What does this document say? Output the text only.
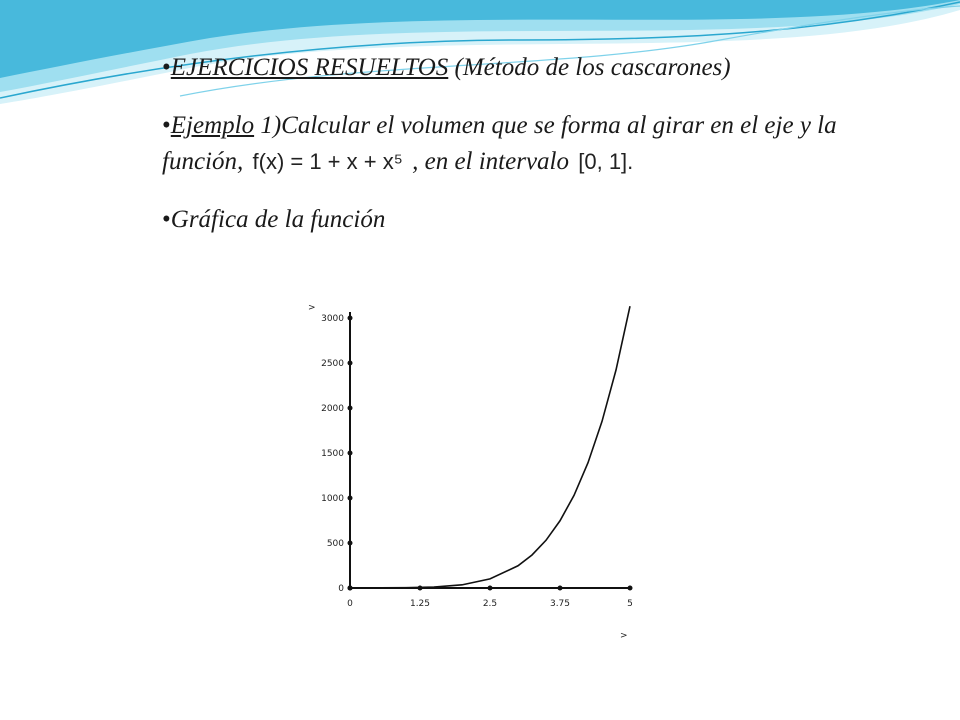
•EJERCICIOS RESUELTOS (Método de los cascarones)
•Ejemplo 1)Calcular el volumen que se forma al girar en el eje y la función, f(x) = 1 + x + x⁵ , en el intervalo [0, 1].
•Gráfica de la función
0	1.25	2.5	3.75	5
0
500
1000
1500
2000
2500
3000
>
>
